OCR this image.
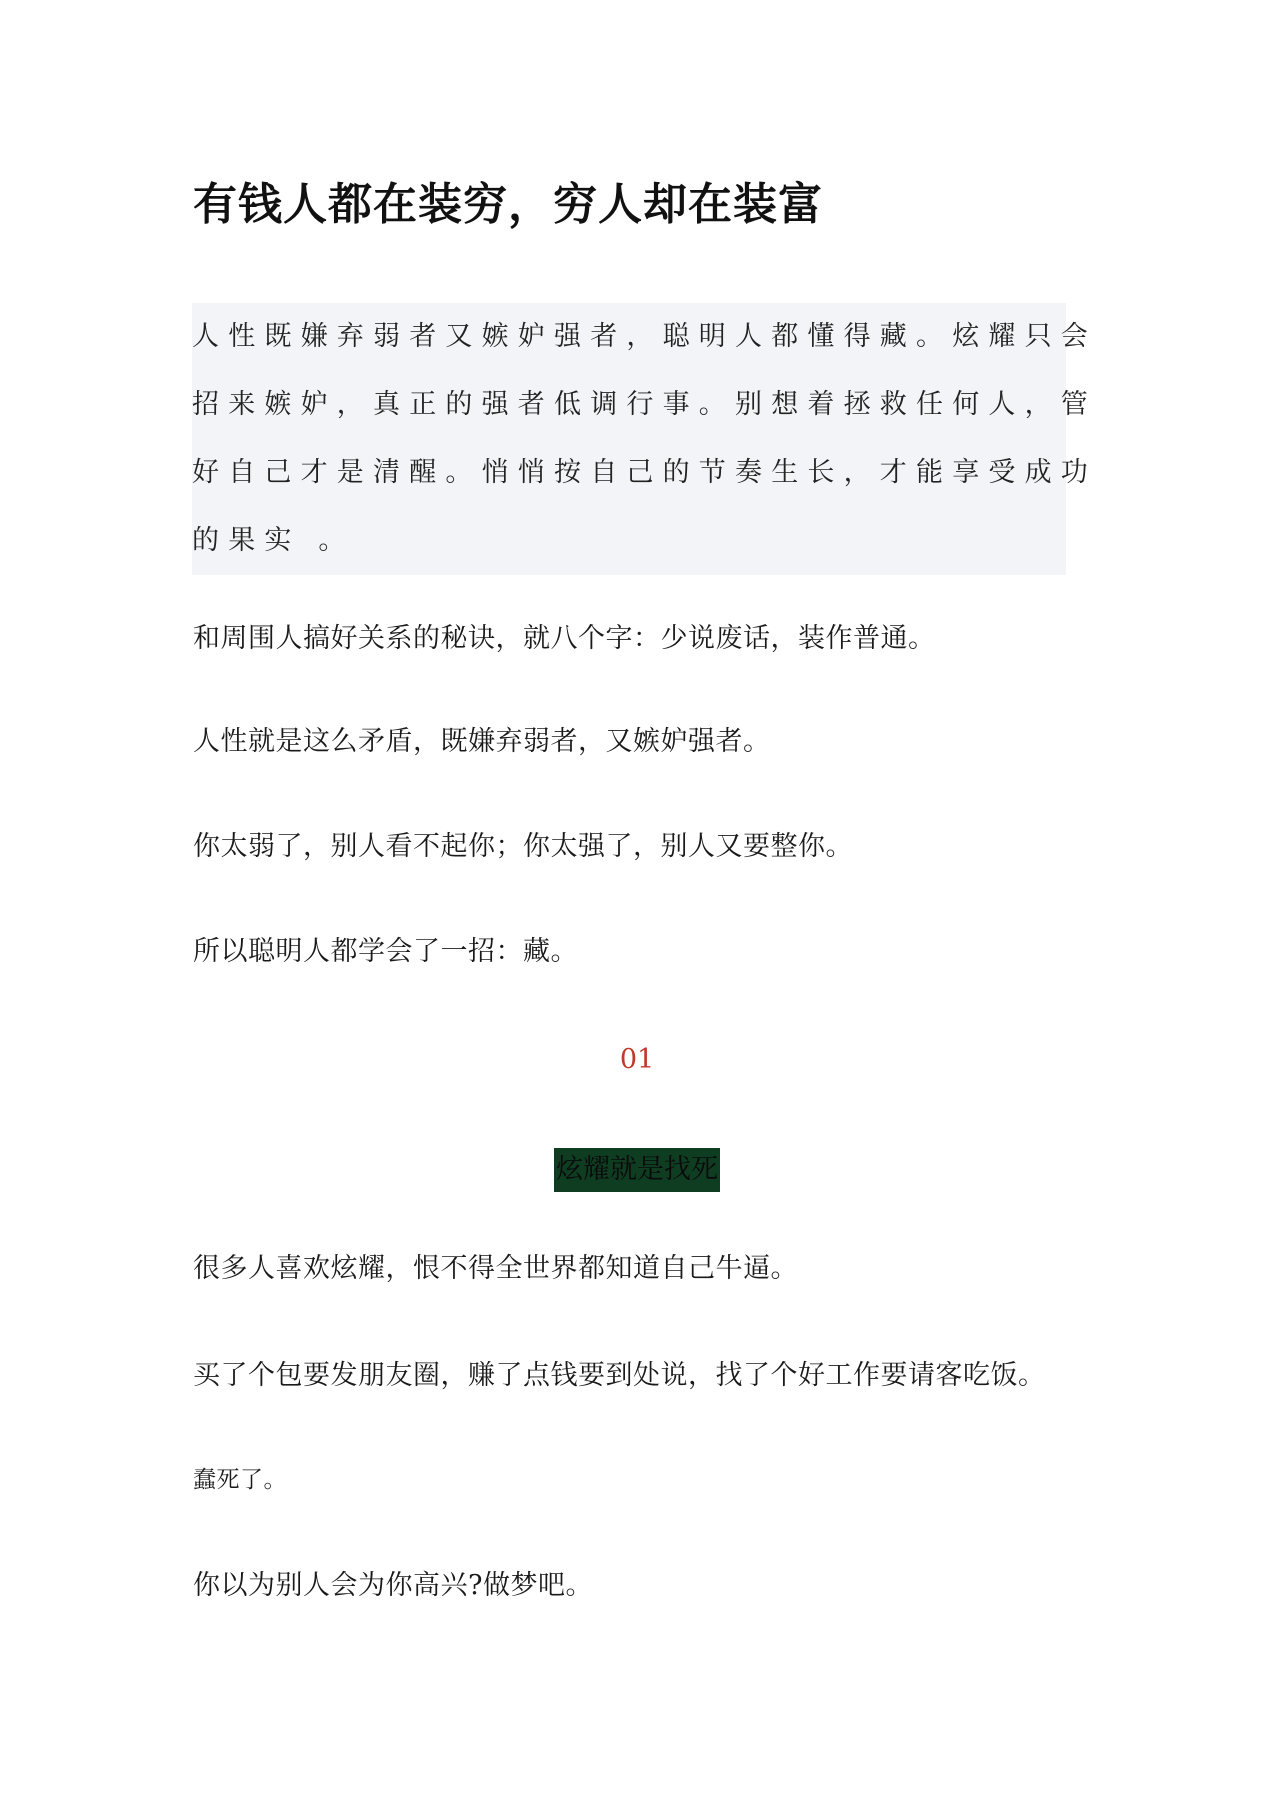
有钱人都在装穷，穷人却在装富
人性既嫌弃弱者又嫉妒强者，聪明人都懂得藏。炫耀只会
招来嫉妒，真正的强者低调行事。别想着拯救任何人，管
好自己才是清醒。悄悄按自己的节奏生长，才能享受成功
的果实 。
和周围人搞好关系的秘诀，就八个字：少说废话，装作普通。
人性就是这么矛盾，既嫌弃弱者，又嫉妒强者。
你太弱了，别人看不起你；你太强了，别人又要整你。
所以聪明人都学会了一招：藏。
01
炫耀就是找死
很多人喜欢炫耀，恨不得全世界都知道自己牛逼。
买了个包要发朋友圈，赚了点钱要到处说，找了个好工作要请客吃饭。
蠢死了。
你以为别人会为你高兴?做梦吧。
